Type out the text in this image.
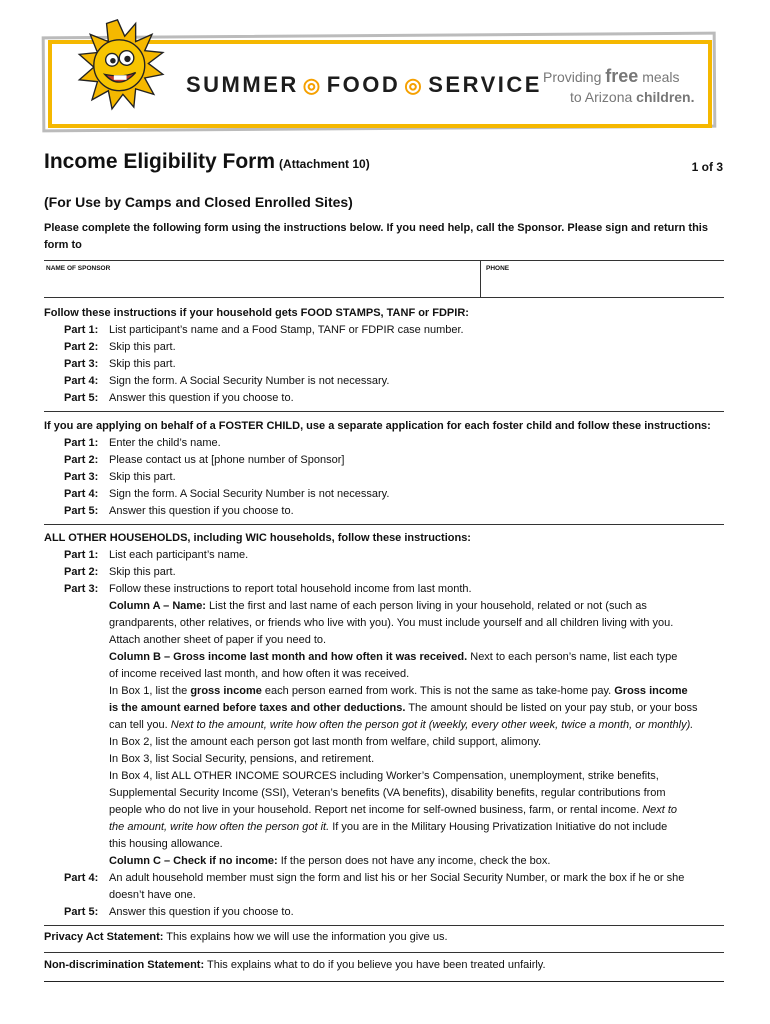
SUMMER ◎ FOOD ◎ SERVICE Providing free meals
to Arizona children.
Income Eligibility Form (Attachment 10)	1 of 3
(For Use by Camps and Closed Enrolled Sites)
Please complete the following form using the instructions below. If you need help, call the Sponsor. Please sign and return this form to
NAME OF SPONSOR	PHONE
Follow these instructions if your household gets FOOD STAMPS, TANF or FDPIR:
Part 1: List participant’s name and a Food Stamp, TANF or FDPIR case number.
Part 2: Skip this part.
Part 3: Skip this part.
Part 4: Sign the form. A Social Security Number is not necessary.
Part 5: Answer this question if you choose to.
If you are applying on behalf of a FOSTER CHILD, use a separate application for each foster child and follow these instructions:
Part 1: Enter the child’s name.
Part 2: Please contact us at [phone number of Sponsor]
Part 3: Skip this part.
Part 4: Sign the form. A Social Security Number is not necessary.
Part 5: Answer this question if you choose to.
ALL OTHER HOUSEHOLDS, including WIC households, follow these instructions:
Part 1: List each participant’s name.
Part 2: Skip this part.
Part 3: Follow these instructions to report total household income from last month.
Column A – Name: List the first and last name of each person living in your household, related or not (such as
grandparents, other relatives, or friends who live with you). You must include yourself and all children living with you.
Attach another sheet of paper if you need to.
Column B – Gross income last month and how often it was received. Next to each person’s name, list each type
of income received last month, and how often it was received.
In Box 1, list the gross income each person earned from work. This is not the same as take-home pay. Gross income
is the amount earned before taxes and other deductions. The amount should be listed on your pay stub, or your boss
can tell you. Next to the amount, write how often the person got it (weekly, every other week, twice a month, or monthly).
In Box 2, list the amount each person got last month from welfare, child support, alimony.
In Box 3, list Social Security, pensions, and retirement.
In Box 4, list ALL OTHER INCOME SOURCES including Worker’s Compensation, unemployment, strike benefits,
Supplemental Security Income (SSI), Veteran’s benefits (VA benefits), disability benefits, regular contributions from
people who do not live in your household. Report net income for self-owned business, farm, or rental income. Next to
the amount, write how often the person got it. If you are in the Military Housing Privatization Initiative do not include
this housing allowance.
Column C – Check if no income: If the person does not have any income, check the box.
Part 4: An adult household member must sign the form and list his or her Social Security Number, or mark the box if he or she
doesn’t have one.
Part 5: Answer this question if you choose to.
Privacy Act Statement: This explains how we will use the information you give us.
Non-discrimination Statement: This explains what to do if you believe you have been treated unfairly.
